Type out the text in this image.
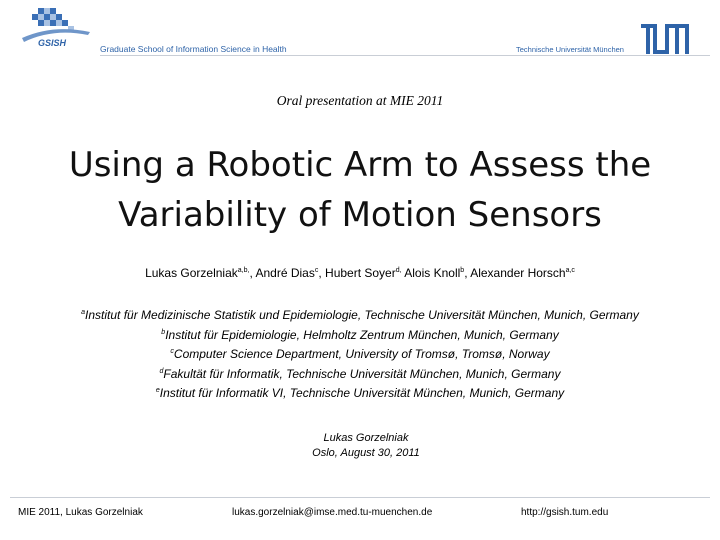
GSISH
Graduate School of Information Science in Health	Technische Universität München
Oral presentation at MIE 2011
Using a Robotic Arm to Assess the
Variability of Motion Sensors
Lukas Gorzelniak$^{a,b,}$, André Dias$^c$, Hubert Soyer$^{d,}$ Alois Knoll$^b$, Alexander Horsch$^{a,c}$
$^a$Institut für Medizinische Statistik und Epidemiologie, Technische Universität München, Munich, Germany
$^b$Institut für Epidemiologie, Helmholtz Zentrum München, Munich, Germany
$^c$Computer Science Department, University of Tromsø, Tromsø, Norway
$^d$Fakultät für Informatik, Technische Universität München, Munich, Germany
$^e$Institut für Informatik VI, Technische Universität München, Munich, Germany
Lukas Gorzelniak
Oslo, August 30, 2011
MIE 2011, Lukas Gorzelniak	lukas.gorzelniak@imse.med.tu-muenchen.de	http://gsish.tum.edu
